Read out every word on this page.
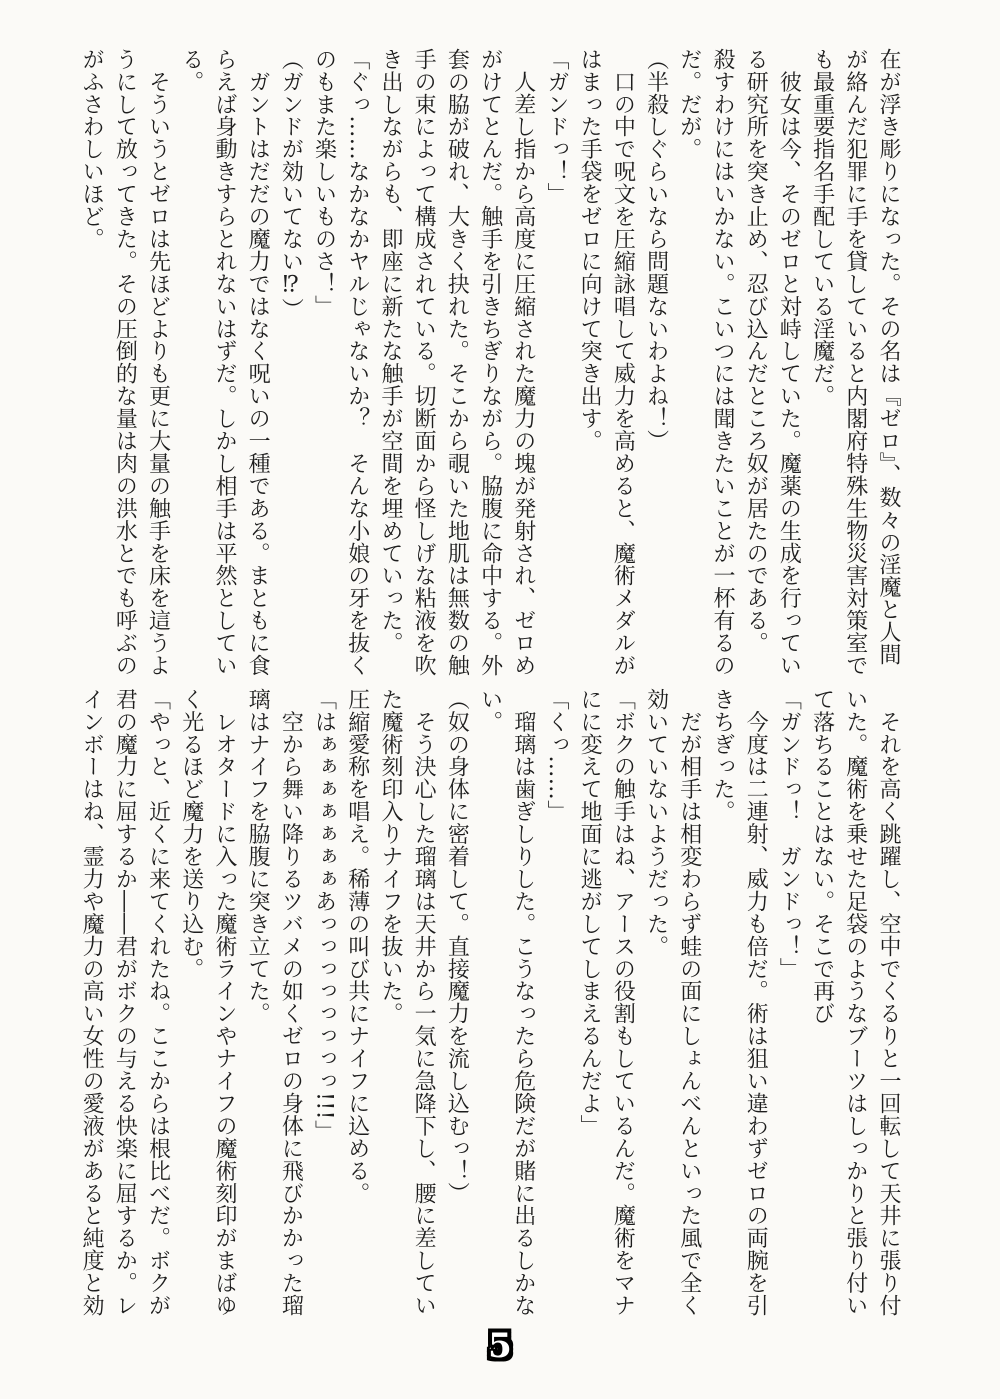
在が浮き彫りになった。その名は『ゼロ』、数々の淫魔と人間
が絡んだ犯罪に手を貸していると内閣府特殊生物災害対策室で
も最重要指名手配している淫魔だ。
　彼女は今、そのゼロと対峙していた。魔薬の生成を行ってい
る研究所を突き止め、忍び込んだところ奴が居たのである。
殺すわけにはいかない。こいつには聞きたいことが一杯有るの
だ。だが。
（半殺しぐらいなら問題ないわよね！）
　口の中で呪文を圧縮詠唱して威力を高めると、魔術メダルが
はまった手袋をゼロに向けて突き出す。
「ガンドっ！」
　人差し指から高度に圧縮された魔力の塊が発射され、ゼロめ
がけてとんだ。触手を引きちぎりながら。脇腹に命中する。外
套の脇が破れ、大きく抉れた。そこから覗いた地肌は無数の触
手の束によって構成されている。切断面から怪しげな粘液を吹
き出しながらも、即座に新たな触手が空間を埋めていった。
「ぐっ……なかなかヤルじゃないか？　そんな小娘の牙を抜く
のもまた楽しいものさ！」
（ガンドが効いてない⁉）
　ガントはだだの魔力ではなく呪いの一種である。まともに食
らえば身動きすらとれないはずだ。しかし相手は平然としてい
る。
　そういうとゼロは先ほどよりも更に大量の触手を床を這うよ
うにして放ってきた。その圧倒的な量は肉の洪水とでも呼ぶの
がふさわしいほど。
　それを高く跳躍し、空中でくるりと一回転して天井に張り付
いた。魔術を乗せた足袋のようなブーツはしっかりと張り付い
て落ちることはない。そこで再び
「ガンドっ！　ガンドっ！」
　今度は二連射、威力も倍だ。術は狙い違わずゼロの両腕を引
きちぎった。
　だが相手は相変わらず蛙の面にしょんべんといった風で全く
効いていないようだった。
「ボクの触手はね、アースの役割もしているんだ。魔術をマナ
にに変えて地面に逃がしてしまえるんだよ」
「くっ……」
　瑠璃は歯ぎしりした。こうなったら危険だが賭に出るしかな
い。
（奴の身体に密着して。直接魔力を流し込むっ！）
　そう決心した瑠璃は天井から一気に急降下し、腰に差してい
た魔術刻印入りナイフを抜いた。
圧縮愛称を唱え。稀薄の叫び共にナイフに込める。
「はぁぁぁぁぁぁぁあっっっっっっっっ!!!」
　空から舞い降りるツバメの如くゼロの身体に飛びかかった瑠
璃はナイフを脇腹に突き立てた。
　レオタードに入った魔術ラインやナイフの魔術刻印がまばゆ
く光るほど魔力を送り込む。
「やっと、近くに来てくれたね。ここからは根比べだ。ボクが
君の魔力に屈するか――君がボクの与える快楽に屈するか。レ
インボーはね、霊力や魔力の高い女性の愛液があると純度と効
5
